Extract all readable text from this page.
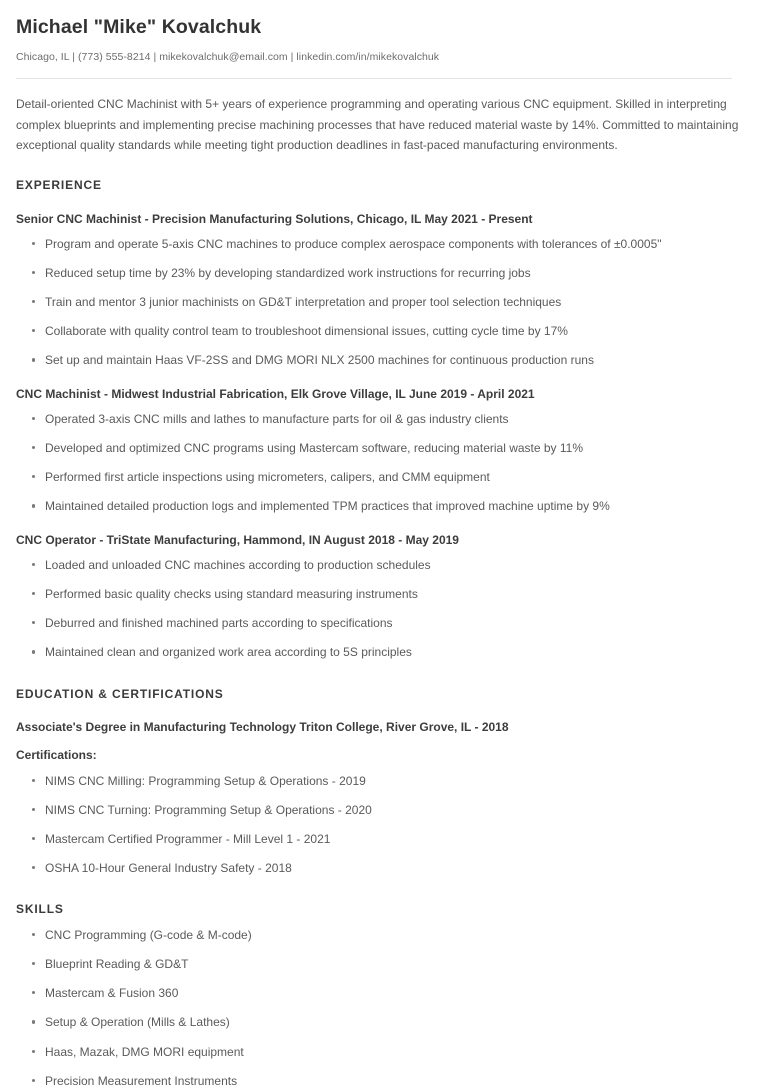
Michael "Mike" Kovalchuk
Chicago, IL | (773) 555-8214 | mikekovalchuk@email.com | linkedin.com/in/mikekovalchuk

Detail-oriented CNC Machinist with 5+ years of experience programming and operating various CNC equipment. Skilled in interpreting complex blueprints and implementing precise machining processes that have reduced material waste by 14%. Committed to maintaining exceptional quality standards while meeting tight production deadlines in fast-paced manufacturing environments.

EXPERIENCE
Senior CNC Machinist - Precision Manufacturing Solutions, Chicago, IL May 2021 - Present
Program and operate 5-axis CNC machines to produce complex aerospace components with tolerances of ±0.0005"
Reduced setup time by 23% by developing standardized work instructions for recurring jobs
Train and mentor 3 junior machinists on GD&T interpretation and proper tool selection techniques
Collaborate with quality control team to troubleshoot dimensional issues, cutting cycle time by 17%
Set up and maintain Haas VF-2SS and DMG MORI NLX 2500 machines for continuous production runs
CNC Machinist - Midwest Industrial Fabrication, Elk Grove Village, IL June 2019 - April 2021
Operated 3-axis CNC mills and lathes to manufacture parts for oil & gas industry clients
Developed and optimized CNC programs using Mastercam software, reducing material waste by 11%
Performed first article inspections using micrometers, calipers, and CMM equipment
Maintained detailed production logs and implemented TPM practices that improved machine uptime by 9%
CNC Operator - TriState Manufacturing, Hammond, IN August 2018 - May 2019
Loaded and unloaded CNC machines according to production schedules
Performed basic quality checks using standard measuring instruments
Deburred and finished machined parts according to specifications
Maintained clean and organized work area according to 5S principles
EDUCATION & CERTIFICATIONS
Associate's Degree in Manufacturing Technology Triton College, River Grove, IL - 2018
Certifications:
NIMS CNC Milling: Programming Setup & Operations - 2019
NIMS CNC Turning: Programming Setup & Operations - 2020
Mastercam Certified Programmer - Mill Level 1 - 2021
OSHA 10-Hour General Industry Safety - 2018
SKILLS
CNC Programming (G-code & M-code)
Blueprint Reading & GD&T
Mastercam & Fusion 360
Setup & Operation (Mills & Lathes)
Haas, Mazak, DMG MORI equipment
Precision Measurement Instruments
